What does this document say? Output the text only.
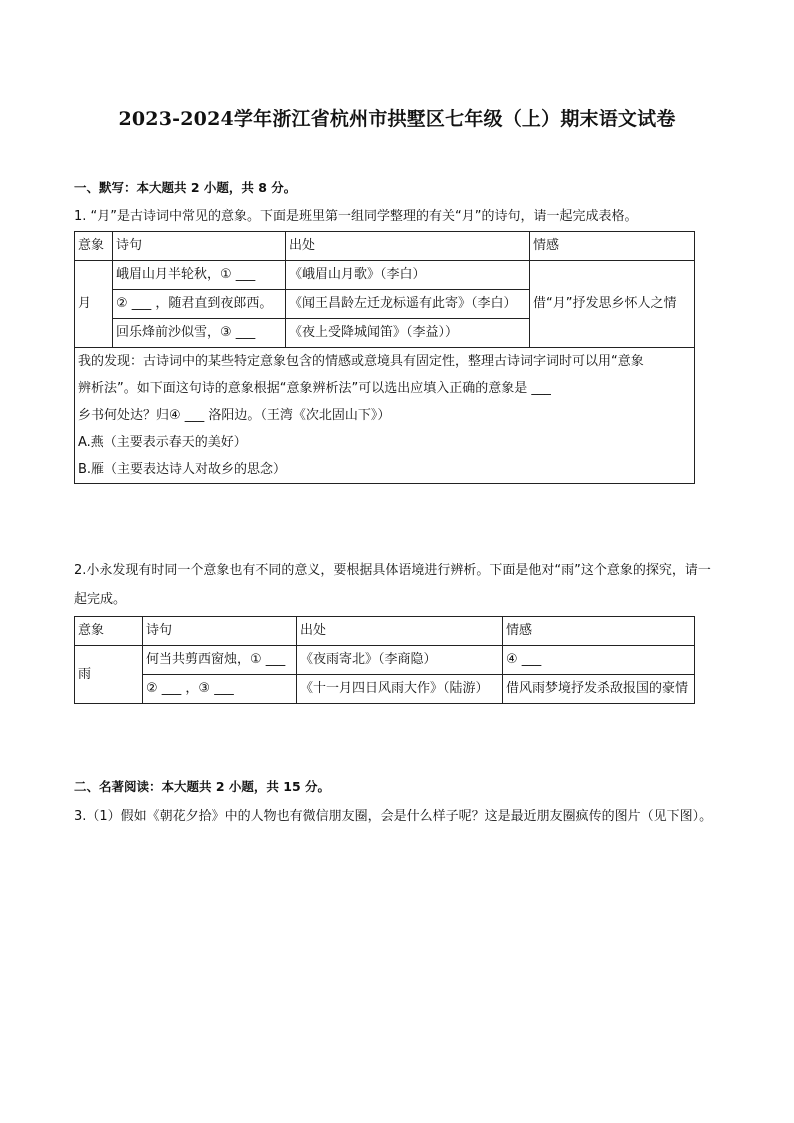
2023-2024学年浙江省杭州市拱墅区七年级（上）期末语文试卷
一、默写：本大题共 2 小题，共 8 分。
1. “月”是古诗词中常见的意象。下面是班里第一组同学整理的有关“月”的诗句，请一起完成表格。
意象	诗句	出处	情感
月	峨眉山月半轮秋，① ___	《峨眉山月歌》（李白）	借“月”抒发思乡怀人之情
	② ___ ，随君直到夜郎西。	《闻王昌龄左迁龙标遥有此寄》（李白）	
	回乐烽前沙似雪，③ ___	《夜上受降城闻笛》（李益））	

我的发现：古诗词中的某些特定意象包含的情感或意境具有固定性，整理古诗词字词时可以用“意象
辨析法”。如下面这句诗的意象根据“意象辨析法”可以选出应填入正确的意象是 ___
乡书何处达？归④ ___ 洛阳边。（王湾《次北固山下》）
A.燕（主要表示春天的美好）
B.雁（主要表达诗人对故乡的思念）			
2.小永发现有时同一个意象也有不同的意义，要根据具体语境进行辨析。下面是他对“雨”这个意象的探究，请一起完成。
意象	诗句	出处	情感
雨	何当共剪西窗烛，① ___	《夜雨寄北》（李商隐）	④ ___
	② ___ ，③ ___	《十一月四日风雨大作》（陆游）	借风雨梦境抒发杀敌报国的豪情
二、名著阅读：本大题共 2 小题，共 15 分。
3.（1）假如《朝花夕拾》中的人物也有微信朋友圈，会是什么样子呢？这是最近朋友圈疯传的图片（见下图）。
